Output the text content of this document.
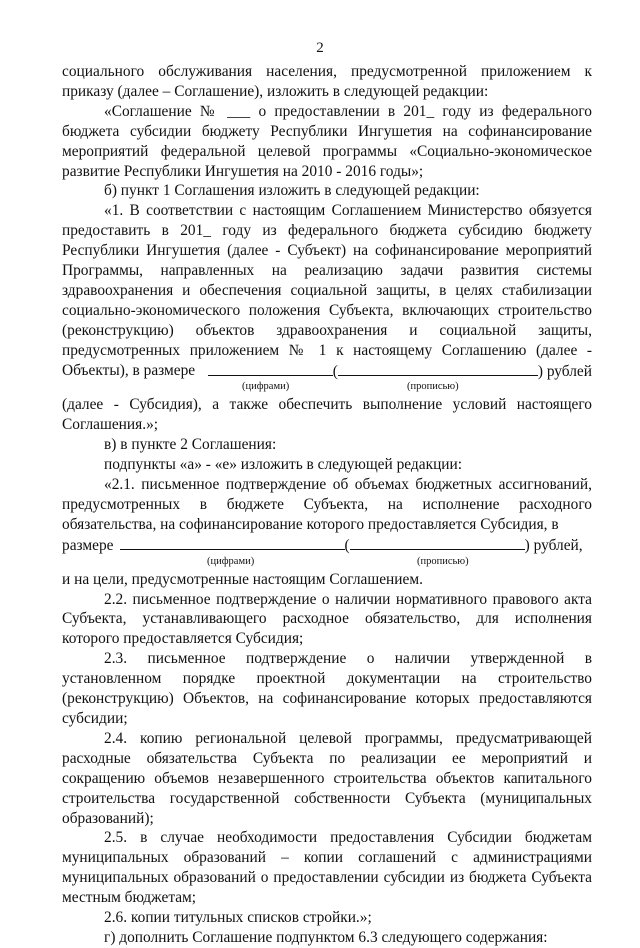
2

социального обслуживания населения, предусмотренной приложением к

приказу (далее – Соглашение), изложить в следующей редакции:

«Соглашение № ___ о предоставлении в 201_ году из федерального бюджета субсидии бюджету Республики Ингушетия на софинансирование мероприятий федеральной целевой программы «Социально-экономическое развитие Республики Ингушетия на 2010 - 2016 годы»;

б) пункт 1 Соглашения изложить в следующей редакции:

«1. В соответствии с настоящим Соглашением Министерство обязуется предоставить в 201_ году из федерального бюджета субсидию бюджету Республики Ингушетия (далее - Субъект) на софинансирование мероприятий Программы, направленных на реализацию задачи развития системы здравоохранения и обеспечения социальной защиты, в целях стабилизации социально-экономического положения Субъекта, включающих строительство (реконструкцию) объектов здравоохранения и социальной защиты, предусмотренных приложением № 1 к настоящему Соглашению (далее - Объекты), в размере	(	) рублей
(цифрами)	(прописью)

(далее - Субсидия), а также обеспечить выполнение условий настоящего Соглашения.»;

в) в пункте 2 Соглашения:

подпункты «а» - «е» изложить в следующей редакции:

«2.1. письменное подтверждение об объемах бюджетных ассигнований, предусмотренных в бюджете Субъекта, на исполнение расходного обязательства, на софинансирование которого предоставляется Субсидия, в

размере	(	) рублей,
(цифрами)	(прописью)

и на цели, предусмотренные настоящим Соглашением.

2.2. письменное подтверждение о наличии нормативного правового акта Субъекта, устанавливающего расходное обязательство, для исполнения которого предоставляется Субсидия;

2.3. письменное подтверждение о наличии утвержденной в установленном порядке проектной документации на строительство (реконструкцию) Объектов, на софинансирование которых предоставляются субсидии;

2.4. копию региональной целевой программы, предусматривающей расходные обязательства Субъекта по реализации ее мероприятий и сокращению объемов незавершенного строительства объектов капитального строительства государственной собственности Субъекта (муниципальных образований);

2.5. в случае необходимости предоставления Субсидии бюджетам муниципальных образований – копии соглашений с администрациями муниципальных образований о предоставлении субсидии из бюджета Субъекта местным бюджетам;

2.6. копии титульных списков стройки.»;

г) дополнить Соглашение подпунктом 6.3 следующего содержания:
